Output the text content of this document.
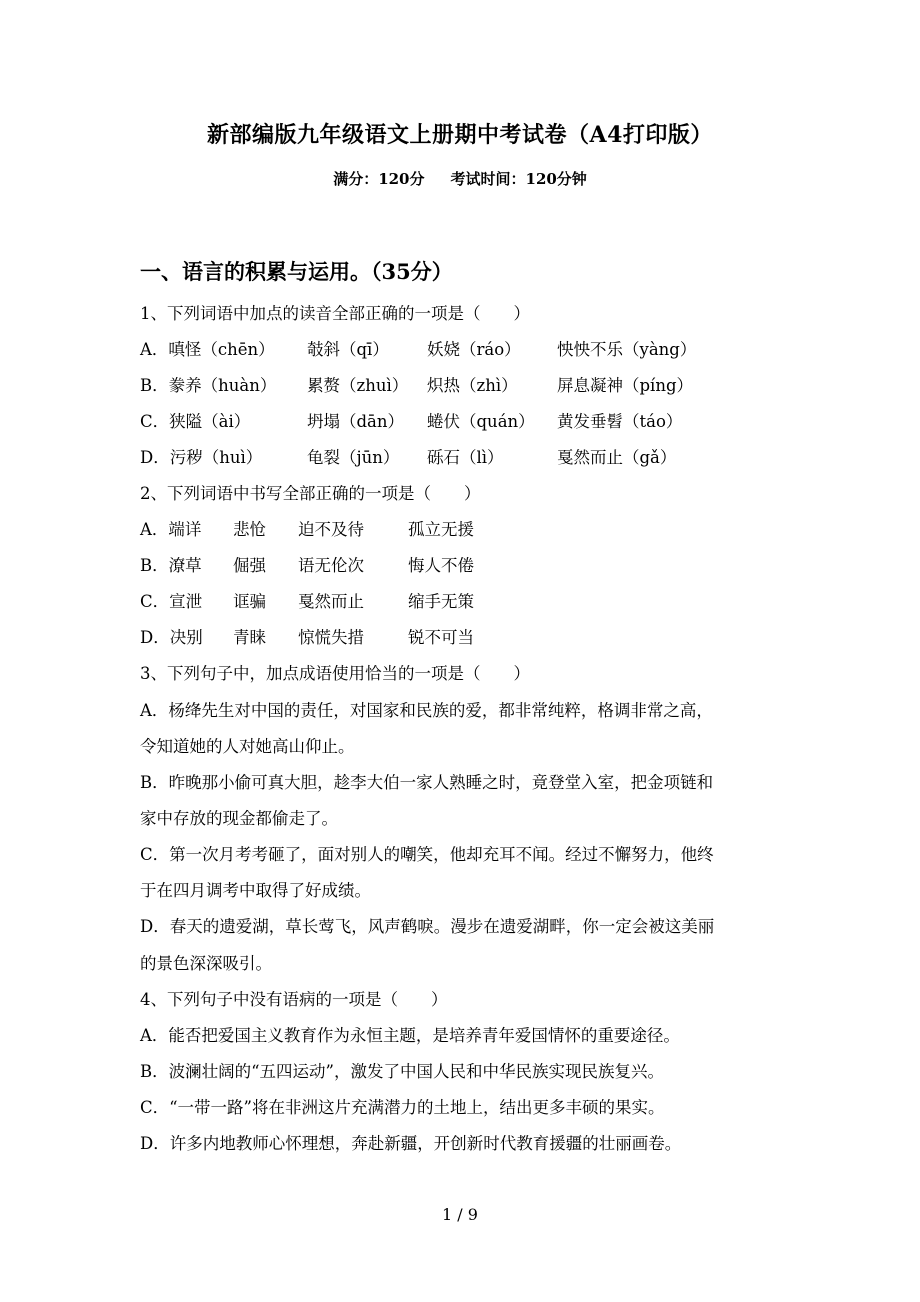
新部编版九年级语文上册期中考试卷（A4打印版）
满分：120分 考试时间：120分钟
一、语言的积累与运用。（35分）
1、下列词语中加点的读音全部正确的一项是（　　）
A．嗔怪（chēn） 攲斜（qī） 妖娆（ráo） 怏怏不乐（yàng）
B．豢养（huàn） 累赘（zhuì） 炽热（zhì） 屏息凝神（píng）
C．狭隘（ài）	坍塌（dān） 蜷伏（quán） 黄发垂髫（táo）
D．污秽（huì）	龟裂（jūn） 砾石（lì）	戛然而止（gǎ）
2、下列词语中书写全部正确的一项是（　　）
A．端详 悲怆 迫不及待	孤立无援
B．潦草 倔强 语无伦次	悔人不倦
C．宣泄 诓骗 戛然而止	缩手无策
D．决别 青睐 惊慌失措	锐不可当
3、下列句子中，加点成语使用恰当的一项是（　　）
A．杨绛先生对中国的责任，对国家和民族的爱，都非常纯粹，格调非常之高，
令知道她的人对她高山仰止。
B．昨晚那小偷可真大胆，趁李大伯一家人熟睡之时，竟登堂入室，把金项链和
家中存放的现金都偷走了。
C．第一次月考考砸了，面对别人的嘲笑，他却充耳不闻。经过不懈努力，他终
于在四月调考中取得了好成绩。
D．春天的遗爱湖，草长莺飞，风声鹤唳。漫步在遗爱湖畔，你一定会被这美丽
的景色深深吸引。
4、下列句子中没有语病的一项是（　　）
A．能否把爱国主义教育作为永恒主题，是培养青年爱国情怀的重要途径。
B．波澜壮阔的“五四运动”，激发了中国人民和中华民族实现民族复兴。
C．“一带一路”将在非洲这片充满潜力的土地上，结出更多丰硕的果实。
D．许多内地教师心怀理想，奔赴新疆，开创新时代教育援疆的壮丽画卷。
1 / 9
